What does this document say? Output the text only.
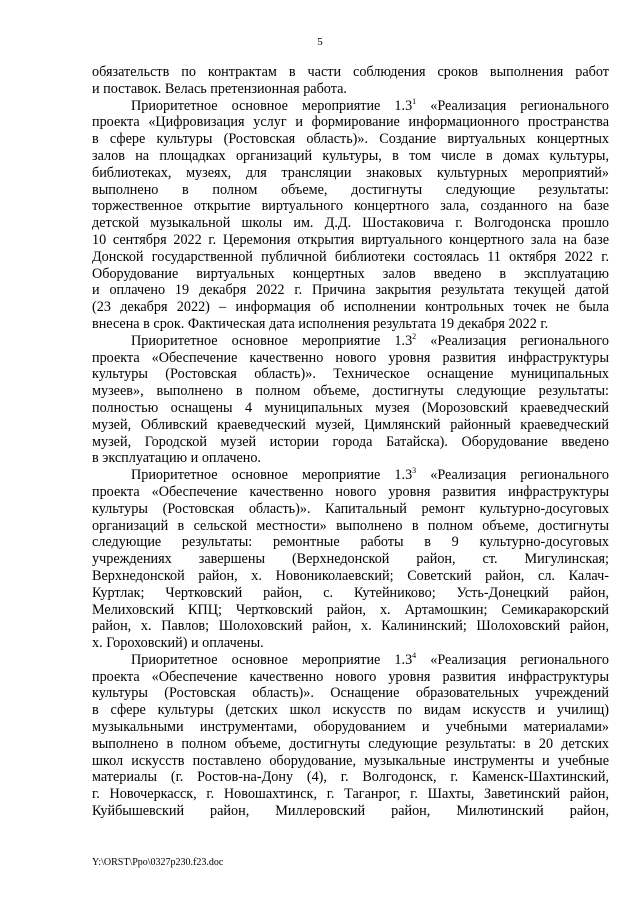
5
обязательств по контрактам в части соблюдения сроков выполнения работ
и поставок. Велась претензионная работа.
Приоритетное основное мероприятие $1.3^1$ «Реализация регионального
проекта «Цифровизация услуг и формирование информационного пространства
в сфере культуры (Ростовская область)». Создание виртуальных концертных
залов на площадках организаций культуры, в том числе в домах культуры,
библиотеках, музеях, для трансляции знаковых культурных мероприятий»
выполнено в полном объеме, достигнуты следующие результаты:
торжественное открытие виртуального концертного зала, созданного на базе
детской музыкальной школы им. Д.Д. Шостаковича г. Волгодонска прошло
10 сентября 2022 г. Церемония открытия виртуального концертного зала на базе
Донской государственной публичной библиотеки состоялась 11 октября 2022 г.
Оборудование виртуальных концертных залов введено в эксплуатацию
и оплачено 19 декабря 2022 г. Причина закрытия результата текущей датой
(23 декабря 2022) – информация об исполнении контрольных точек не была
внесена в срок. Фактическая дата исполнения результата 19 декабря 2022 г.
Приоритетное основное мероприятие $1.3^2$ «Реализация регионального
проекта «Обеспечение качественно нового уровня развития инфраструктуры
культуры (Ростовская область)». Техническое оснащение муниципальных
музеев», выполнено в полном объеме, достигнуты следующие результаты:
полностью оснащены 4 муниципальных музея (Морозовский краеведческий
музей, Обливский краеведческий музей, Цимлянский районный краеведческий
музей, Городской музей истории города Батайска). Оборудование введено
в эксплуатацию и оплачено.
Приоритетное основное мероприятие $1.3^3$ «Реализация регионального
проекта «Обеспечение качественно нового уровня развития инфраструктуры
культуры (Ростовская область)». Капитальный ремонт культурно-досуговых
организаций в сельской местности» выполнено в полном объеме, достигнуты
следующие результаты: ремонтные работы в 9 культурно-досуговых
учреждениях завершены (Верхнедонской район, ст. Мигулинская;
Верхнедонской район, х. Новониколаевский; Советский район, сл. Калач-
Куртлак; Чертковский район, с. Кутейниково; Усть-Донецкий район,
Мелиховский КПЦ; Чертковский район, х. Артамошкин; Семикаракорский
район, х. Павлов; Шолоховский район, х. Калининский; Шолоховский район,
х. Гороховский) и оплачены.
Приоритетное основное мероприятие $1.3^4$ «Реализация регионального
проекта «Обеспечение качественно нового уровня развития инфраструктуры
культуры (Ростовская область)». Оснащение образовательных учреждений
в сфере культуры (детских школ искусств по видам искусств и училищ)
музыкальными инструментами, оборудованием и учебными материалами»
выполнено в полном объеме, достигнуты следующие результаты: в 20 детских
школ искусств поставлено оборудование, музыкальные инструменты и учебные
материалы (г. Ростов-на-Дону (4), г. Волгодонск, г. Каменск-Шахтинский,
г. Новочеркасск, г. Новошахтинск, г. Таганрог, г. Шахты, Заветинский район,
Куйбышевский район, Миллеровский район, Милютинский район,
Y:\ORST\Ppo\0327p230.f23.doc
